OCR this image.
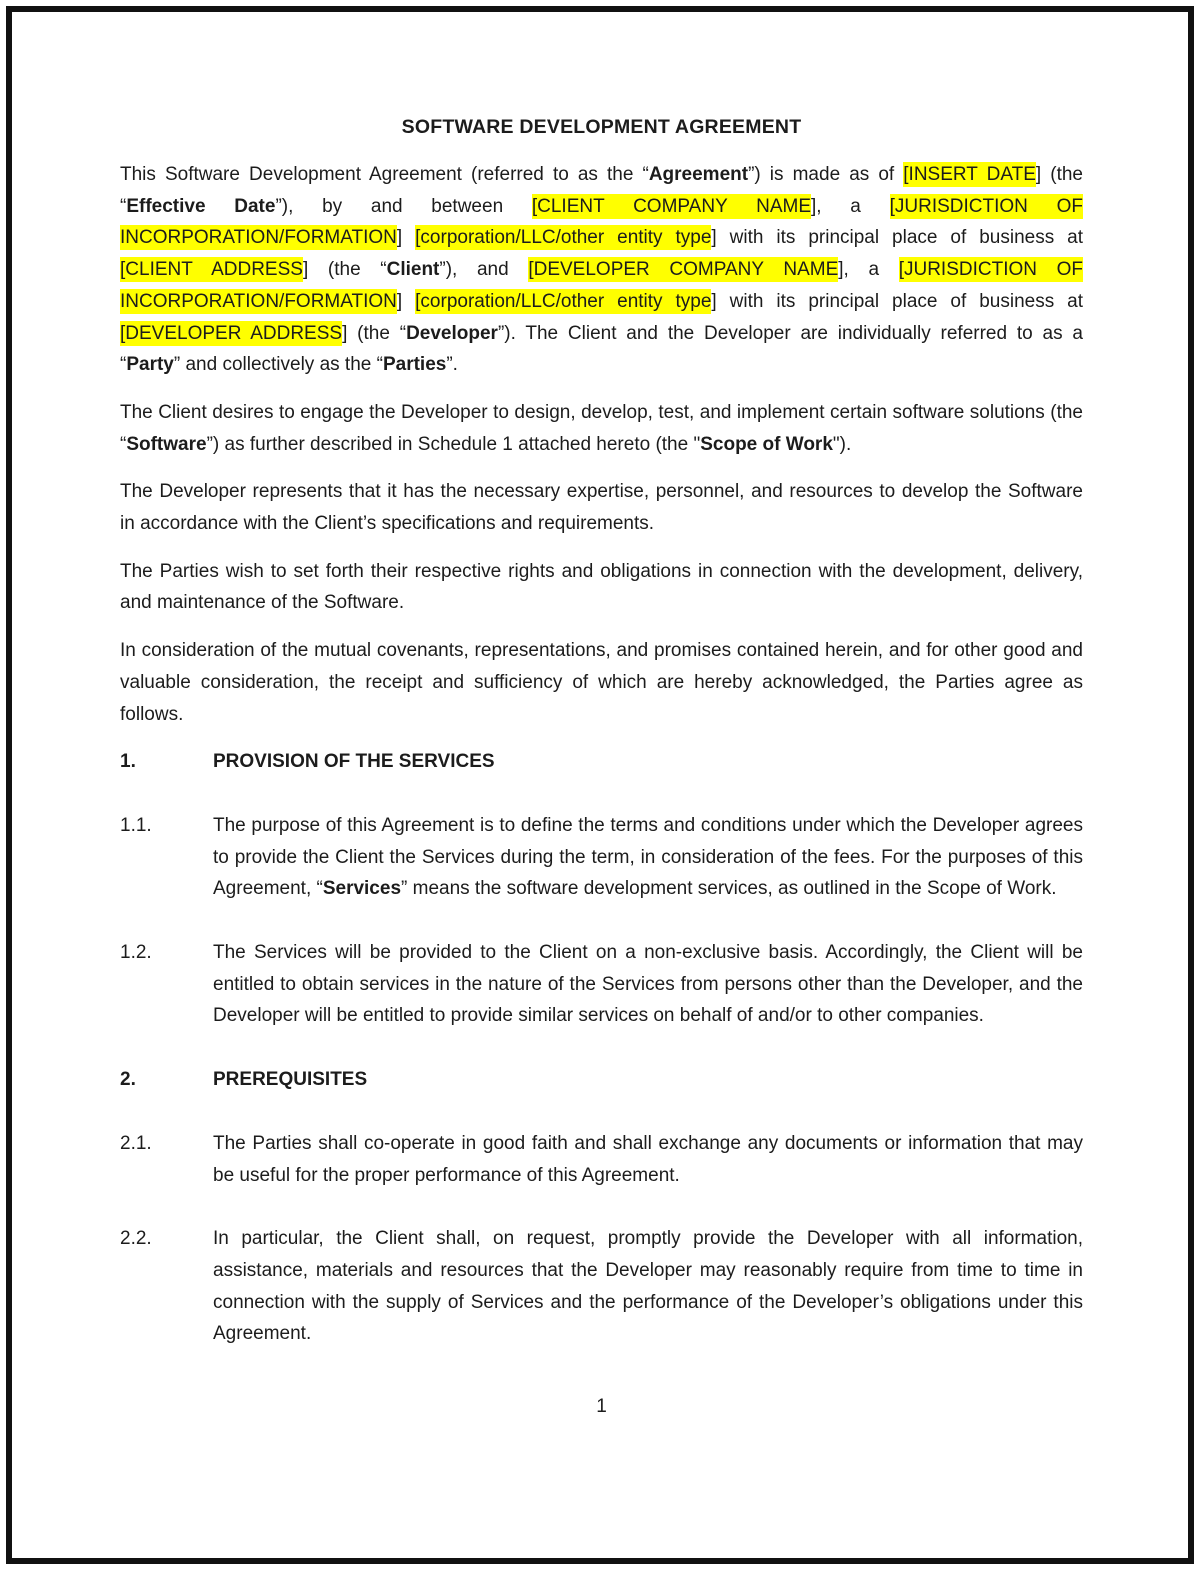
SOFTWARE DEVELOPMENT AGREEMENT

This Software Development Agreement (referred to as the “Agreement”) is made as of [INSERT DATE] (the “Effective Date”), by and between [CLIENT COMPANY NAME], a [JURISDICTION OF INCORPORATION/FORMATION] [corporation/LLC/other entity type] with its principal place of business at [CLIENT ADDRESS] (the “Client”), and [DEVELOPER COMPANY NAME], a [JURISDICTION OF INCORPORATION/FORMATION] [corporation/LLC/other entity type] with its principal place of business at [DEVELOPER ADDRESS] (the “Developer”). The Client and the Developer are individually referred to as a “Party” and collectively as the “Parties”.

The Client desires to engage the Developer to design, develop, test, and implement certain software solutions (the “Software”) as further described in Schedule 1 attached hereto (the "Scope of Work").

The Developer represents that it has the necessary expertise, personnel, and resources to develop the Software in accordance with the Client’s specifications and requirements.

The Parties wish to set forth their respective rights and obligations in connection with the development, delivery, and maintenance of the Software.

In consideration of the mutual covenants, representations, and promises contained herein, and for other good and valuable consideration, the receipt and sufficiency of which are hereby acknowledged, the Parties agree as follows.

1.	PROVISION OF THE SERVICES
1.1.	The purpose of this Agreement is to define the terms and conditions under which the Developer agrees to provide the Client the Services during the term, in consideration of the fees. For the purposes of this Agreement, “Services” means the software development services, as outlined in the Scope of Work.
1.2.	The Services will be provided to the Client on a non-exclusive basis. Accordingly, the Client will be entitled to obtain services in the nature of the Services from persons other than the Developer, and the Developer will be entitled to provide similar services on behalf of and/or to other companies.
2.	PREREQUISITES
2.1.	The Parties shall co-operate in good faith and shall exchange any documents or information that may be useful for the proper performance of this Agreement.
2.2.	In particular, the Client shall, on request, promptly provide the Developer with all information, assistance, materials and resources that the Developer may reasonably require from time to time in connection with the supply of Services and the performance of the Developer’s obligations under this Agreement.
1
